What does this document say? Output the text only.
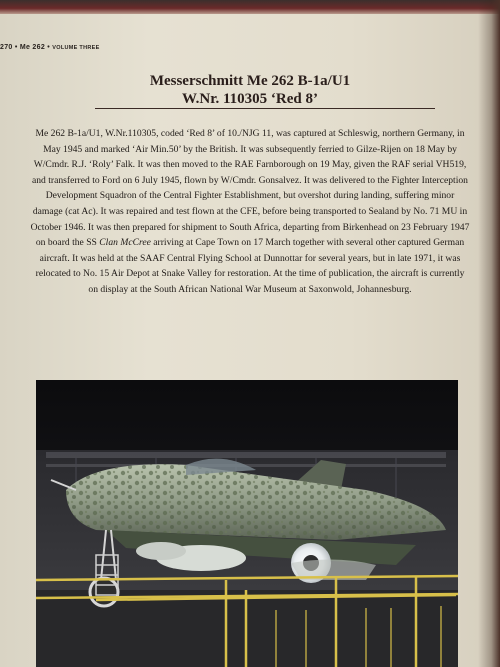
270 • Me 262 • VOLUME THREE
Messerschmitt Me 262 B-1a/U1
W.Nr. 110305 ‘Red 8’
Me 262 B-1a/U1, W.Nr.110305, coded ‘Red 8’ of 10./NJG 11, was captured at Schleswig, northern Germany, in May 1945 and marked ‘Air Min.50’ by the British. It was subsequently ferried to Gilze-Rijen on 18 May by W/Cmdr. R.J. ‘Roly’ Falk. It was then moved to the RAE Farnborough on 19 May, given the RAF serial VH519, and transferred to Ford on 6 July 1945, flown by W/Cmdr. Gonsalvez. It was delivered to the Fighter Interception Development Squadron of the Central Fighter Establishment, but overshot during landing, suffering minor damage (cat Ac). It was repaired and test flown at the CFE, before being transported to Sealand by No. 71 MU in October 1946. It was then prepared for shipment to South Africa, departing from Birkenhead on 23 February 1947 on board the SS Clan McCree arriving at Cape Town on 17 March together with several other captured German aircraft. It was held at the SAAF Central Flying School at Dunnottar for several years, but in late 1971, it was relocated to No. 15 Air Depot at Snake Valley for restoration. At the time of publication, the aircraft is currently on display at the South African National War Museum at Saxonwold, Johannesburg.
